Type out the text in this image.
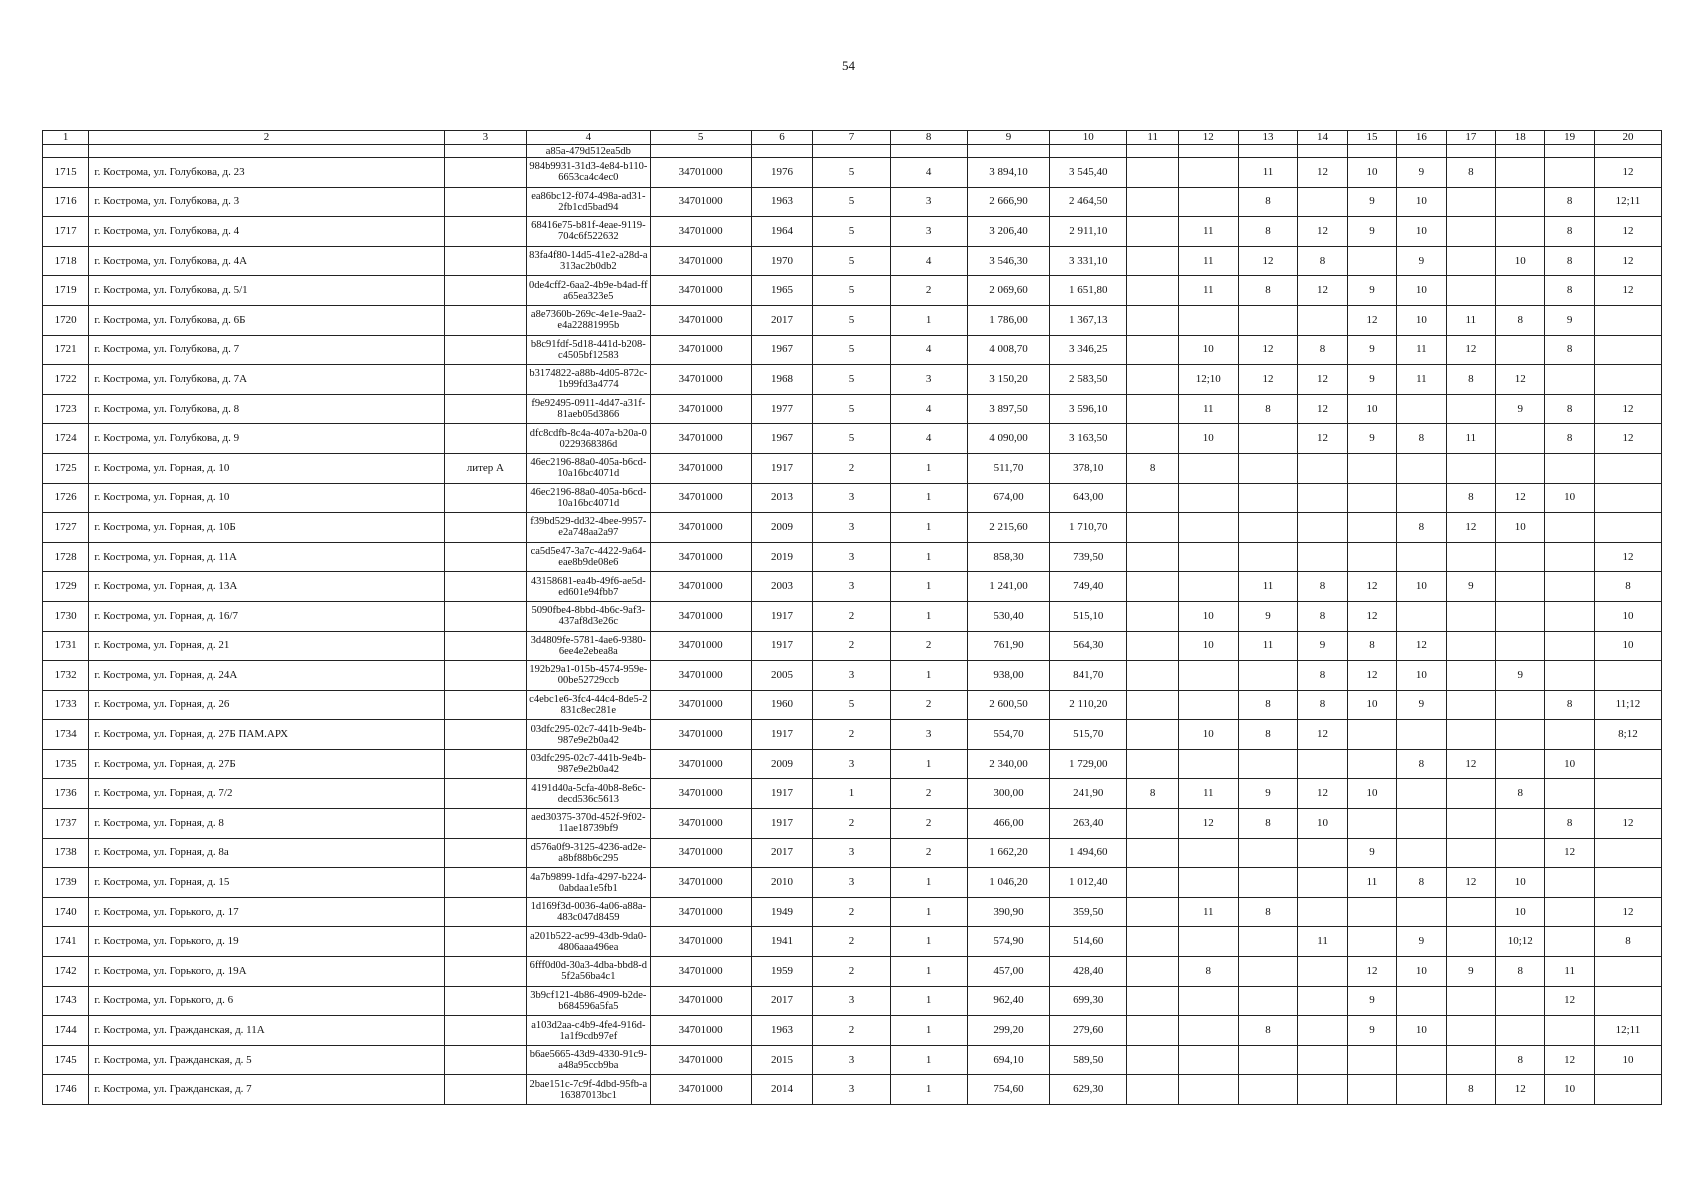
54
1	2	3	4	5	6	7	8	9	10	11	12	13	14	15	16	17	18	19	20
			a85a-479d512ea5db																
1715	г. Кострома, ул. Голубкова, д. 23		984b9931-31d3-4e84-b110-6653ca4c4ec0	34701000	1976	5	4	3 894,10	3 545,40			11	12	10	9	8			12
1716	г. Кострома, ул. Голубкова, д. 3		ea86bc12-f074-498a-ad31-2fb1cd5bad94	34701000	1963	5	3	2 666,90	2 464,50			8		9	10			8	12;11
1717	г. Кострома, ул. Голубкова, д. 4		68416e75-b81f-4eae-9119-704c6f522632	34701000	1964	5	3	3 206,40	2 911,10		11	8	12	9	10			8	12
1718	г. Кострома, ул. Голубкова, д. 4А		83fa4f80-14d5-41e2-a28d-a313ac2b0db2	34701000	1970	5	4	3 546,30	3 331,10		11	12	8		9		10	8	12
1719	г. Кострома, ул. Голубкова, д. 5/1		0de4cff2-6aa2-4b9e-b4ad-ffa65ea323e5	34701000	1965	5	2	2 069,60	1 651,80		11	8	12	9	10			8	12
1720	г. Кострома, ул. Голубкова, д. 6Б		a8e7360b-269c-4e1e-9aa2-e4a22881995b	34701000	2017	5	1	1 786,00	1 367,13					12	10	11	8	9	
1721	г. Кострома, ул. Голубкова, д. 7		b8c91fdf-5d18-441d-b208-c4505bf12583	34701000	1967	5	4	4 008,70	3 346,25		10	12	8	9	11	12		8	
1722	г. Кострома, ул. Голубкова, д. 7А		b3174822-a88b-4d05-872c-1b99fd3a4774	34701000	1968	5	3	3 150,20	2 583,50		12;10	12	12	9	11	8	12		
1723	г. Кострома, ул. Голубкова, д. 8		f9e92495-0911-4d47-a31f-81aeb05d3866	34701000	1977	5	4	3 897,50	3 596,10		11	8	12	10			9	8	12
1724	г. Кострома, ул. Голубкова, д. 9		dfc8cdfb-8c4a-407a-b20a-00229368386d	34701000	1967	5	4	4 090,00	3 163,50		10		12	9	8	11		8	12
1725	г. Кострома, ул. Горная, д. 10	литер А	46ec2196-88a0-405a-b6cd-10a16bc4071d	34701000	1917	2	1	511,70	378,10	8									
1726	г. Кострома, ул. Горная, д. 10		46ec2196-88a0-405a-b6cd-10a16bc4071d	34701000	2013	3	1	674,00	643,00							8	12	10	
1727	г. Кострома, ул. Горная, д. 10Б		f39bd529-dd32-4bee-9957-e2a748aa2a97	34701000	2009	3	1	2 215,60	1 710,70						8	12	10		
1728	г. Кострома, ул. Горная, д. 11А		ca5d5e47-3a7c-4422-9a64-eae8b9de08e6	34701000	2019	3	1	858,30	739,50										12
1729	г. Кострома, ул. Горная, д. 13А		43158681-ea4b-49f6-ae5d-ed601e94fbb7	34701000	2003	3	1	1 241,00	749,40			11	8	12	10	9			8
1730	г. Кострома, ул. Горная, д. 16/7		5090fbe4-8bbd-4b6c-9af3-437af8d3e26c	34701000	1917	2	1	530,40	515,10		10	9	8	12					10
1731	г. Кострома, ул. Горная, д. 21		3d4809fe-5781-4ae6-9380-6ee4e2ebea8a	34701000	1917	2	2	761,90	564,30		10	11	9	8	12				10
1732	г. Кострома, ул. Горная, д. 24А		192b29a1-015b-4574-959e-00be52729ccb	34701000	2005	3	1	938,00	841,70				8	12	10		9		
1733	г. Кострома, ул. Горная, д. 26		c4ebc1e6-3fc4-44c4-8de5-2831c8ec281e	34701000	1960	5	2	2 600,50	2 110,20			8	8	10	9			8	11;12
1734	г. Кострома, ул. Горная, д. 27Б ПАМ.АРХ		03dfc295-02c7-441b-9e4b-987e9e2b0a42	34701000	1917	2	3	554,70	515,70		10	8	12						8;12
1735	г. Кострома, ул. Горная, д. 27Б		03dfc295-02c7-441b-9e4b-987e9e2b0a42	34701000	2009	3	1	2 340,00	1 729,00						8	12		10	
1736	г. Кострома, ул. Горная, д. 7/2		4191d40a-5cfa-40b8-8e6c-decd536c5613	34701000	1917	1	2	300,00	241,90	8	11	9	12	10			8		
1737	г. Кострома, ул. Горная, д. 8		aed30375-370d-452f-9f02-11ae18739bf9	34701000	1917	2	2	466,00	263,40		12	8	10					8	12
1738	г. Кострома, ул. Горная, д. 8а		d576a0f9-3125-4236-ad2e-a8bf88b6c295	34701000	2017	3	2	1 662,20	1 494,60					9				12	
1739	г. Кострома, ул. Горная, д. 15		4a7b9899-1dfa-4297-b224-0abdaa1e5fb1	34701000	2010	3	1	1 046,20	1 012,40					11	8	12	10		
1740	г. Кострома, ул. Горького, д. 17		1d169f3d-0036-4a06-a88a-483c047d8459	34701000	1949	2	1	390,90	359,50		11	8					10		12
1741	г. Кострома, ул. Горького, д. 19		a201b522-ac99-43db-9da0-4806aaa496ea	34701000	1941	2	1	574,90	514,60				11		9		10;12		8
1742	г. Кострома, ул. Горького, д. 19А		6fff0d0d-30a3-4dba-bbd8-d5f2a56ba4c1	34701000	1959	2	1	457,00	428,40		8			12	10	9	8	11	
1743	г. Кострома, ул. Горького, д. 6		3b9cf121-4b86-4909-b2de-b684596a5fa5	34701000	2017	3	1	962,40	699,30					9				12	
1744	г. Кострома, ул. Гражданская, д. 11А		a103d2aa-c4b9-4fe4-916d-1a1f9cdb97ef	34701000	1963	2	1	299,20	279,60			8		9	10				12;11
1745	г. Кострома, ул. Гражданская, д. 5		b6ae5665-43d9-4330-91c9-a48a95ccb9ba	34701000	2015	3	1	694,10	589,50								8	12	10
1746	г. Кострома, ул. Гражданская, д. 7		2bae151c-7c9f-4dbd-95fb-a16387013bc1	34701000	2014	3	1	754,60	629,30							8	12	10	
